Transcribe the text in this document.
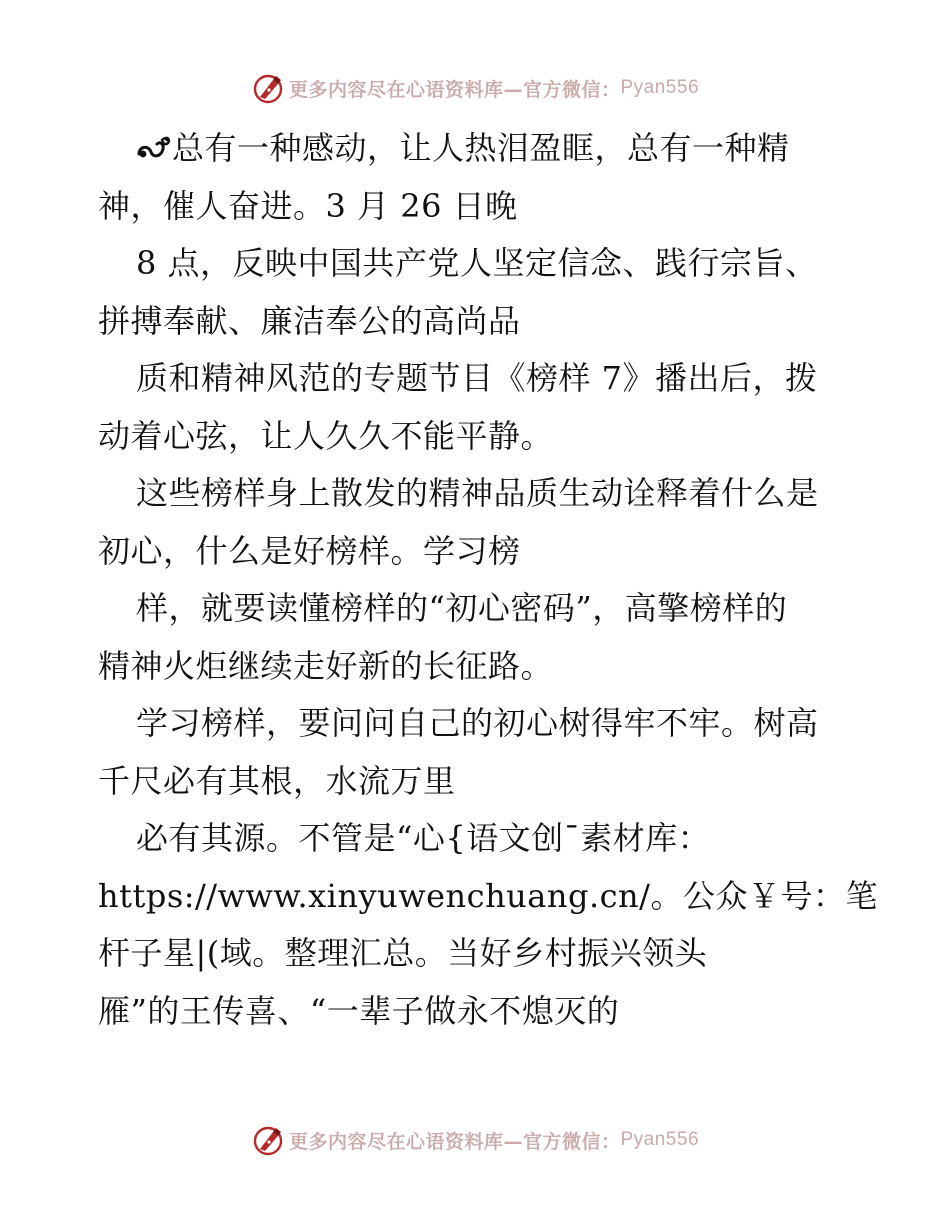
更多内容尽在心语资料库—官方微信： Pyan556
总有一种感动，让人热泪盈眶，总有一种精
神，催人奋进。3 月 26 日晚
8 点，反映中国共产党人坚定信念、践行宗旨、
拼搏奉献、廉洁奉公的高尚品
质和精神风范的专题节目《榜样 7》播出后，拨
动着心弦，让人久久不能平静。
这些榜样身上散发的精神品质生动诠释着什么是
初心，什么是好榜样。学习榜
样，就要读懂榜样的“初心密码”，高擎榜样的
精神火炬继续走好新的长征路。
学习榜样，要问问自己的初心树得牢不牢。树高
千尺必有其根，水流万里
必有其源。不管是“心{语文创¯素材库：
https://www.xinyuwenchuang.cn/。公众￥号：笔
杆子星|(域。整理汇总。当好乡村振兴领头
雁”的王传喜、“一辈子做永不熄灭的
更多内容尽在心语资料库—官方微信： Pyan556
